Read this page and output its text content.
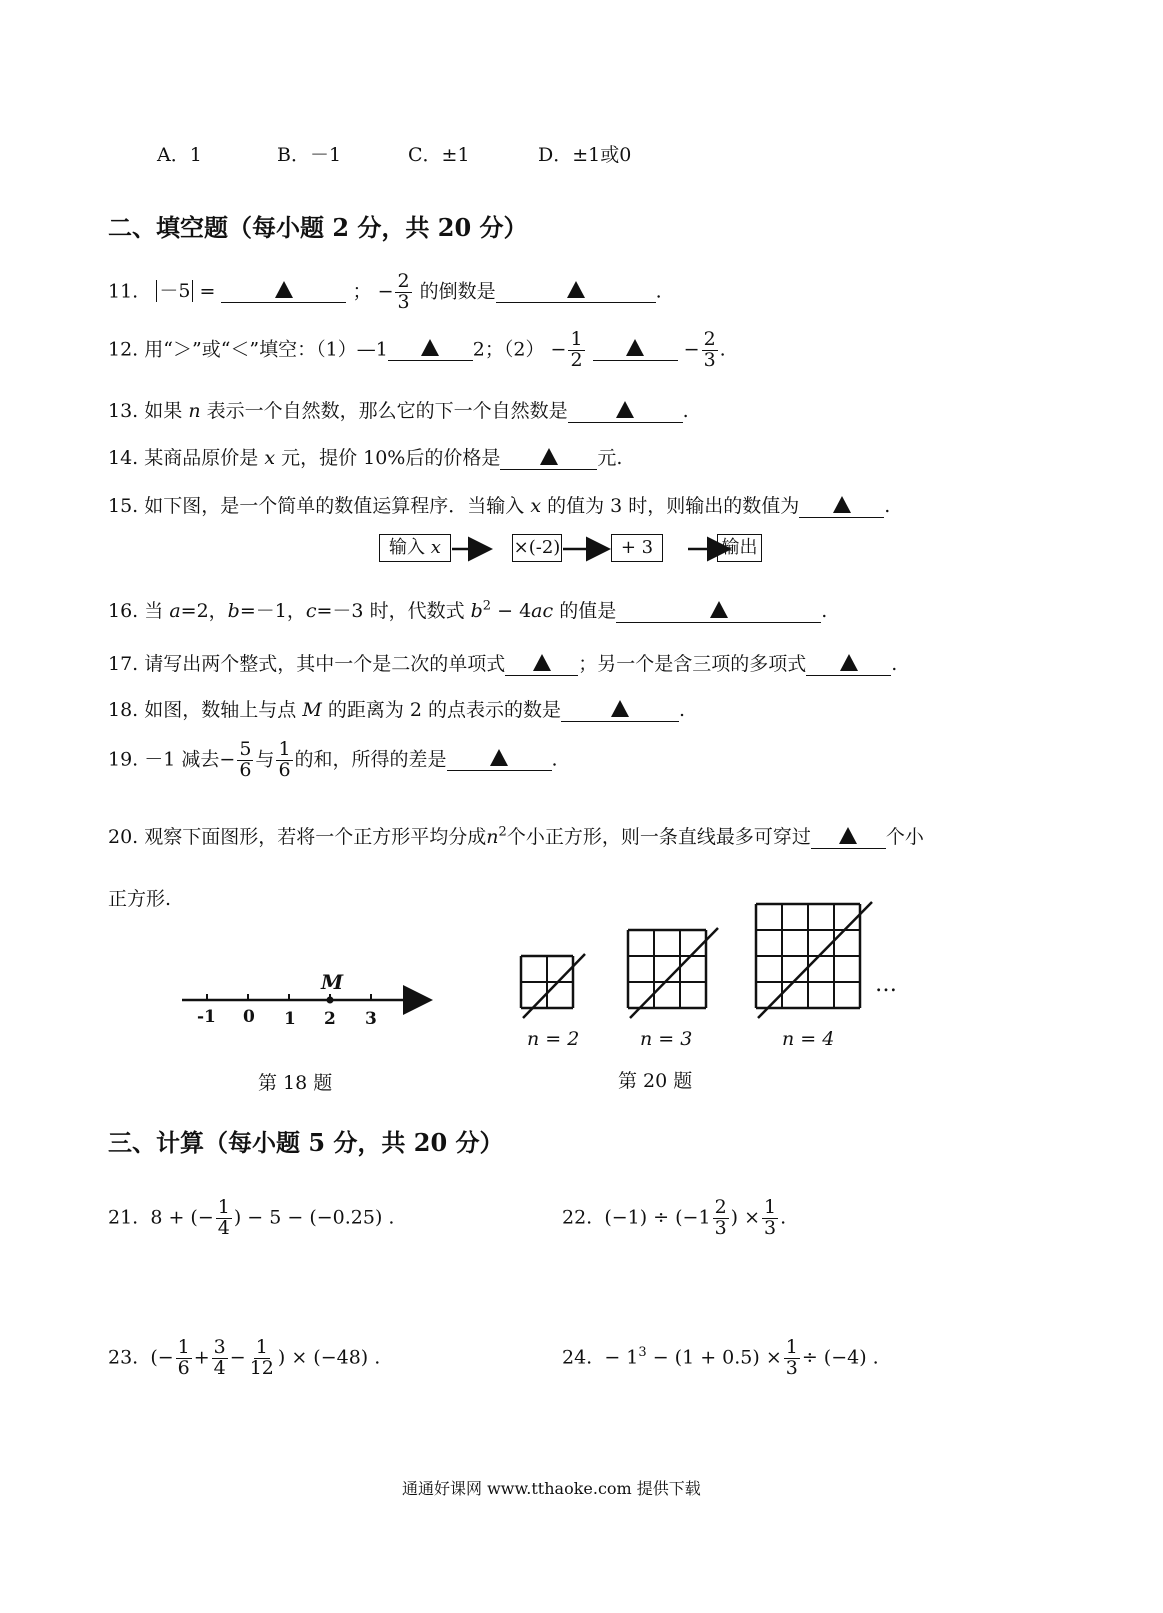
A．1	B．－1	C．±1	D．±1或0
二、填空题（每小题 2 分，共 20 分）
11. －5 =	； − $\frac{2}{3}$ 的倒数是	.
12. 用“＞”或“＜”填空：（1）—1	2；$(2) - \frac{1}{2}$	− $\frac{2}{3}$ .
13. 如果 n 表示一个自然数，那么它的下一个自然数是	.
14. 某商品原价是 x 元，提价 10%后的价格是	元.
15. 如下图，是一个简单的数值运算程序．当输入 x 的值为 3 时，则输出的数值为	.
输入 x	×(-2)	+ 3	输出
16. 当 a=2，b=－1，c=－3 时，代数式 $b^2 - 4ac$ 的值是	.
17. 请写出两个整式，其中一个是二次的单项式	；另一个是含三项的多项式	.
18. 如图，数轴上与点 M 的距离为 2 的点表示的数是	.
19. －1 减去− $\frac{5}{6}$ 与 $\frac{1}{6}$ 的和，所得的差是	.
20. 观察下面图形，若将一个正方形平均分成$n^2$个小正方形，则一条直线最多可穿过	个小
正方形.
M
-1 0 1 2 3
第 18 题
n = 2	n = 3	n = 4
…
第 20 题
三、计算（每小题 5 分，共 20 分）
21. 8 + (− $\frac{1}{4}$ ) − 5 − (−0.25) .	22. $(-1) \div (-1 \frac{2}{3}$ ) × $\frac{1}{3}$ .
23. (− $\frac{1}{6} + \frac{3}{4} - \frac{1}{12}$ ) × (−48) .	24. − $1^3 - (1 + 0.5) \times \frac{1}{3} \div (-4)$ .
通通好课网 www.tthaoke.com 提供下载
